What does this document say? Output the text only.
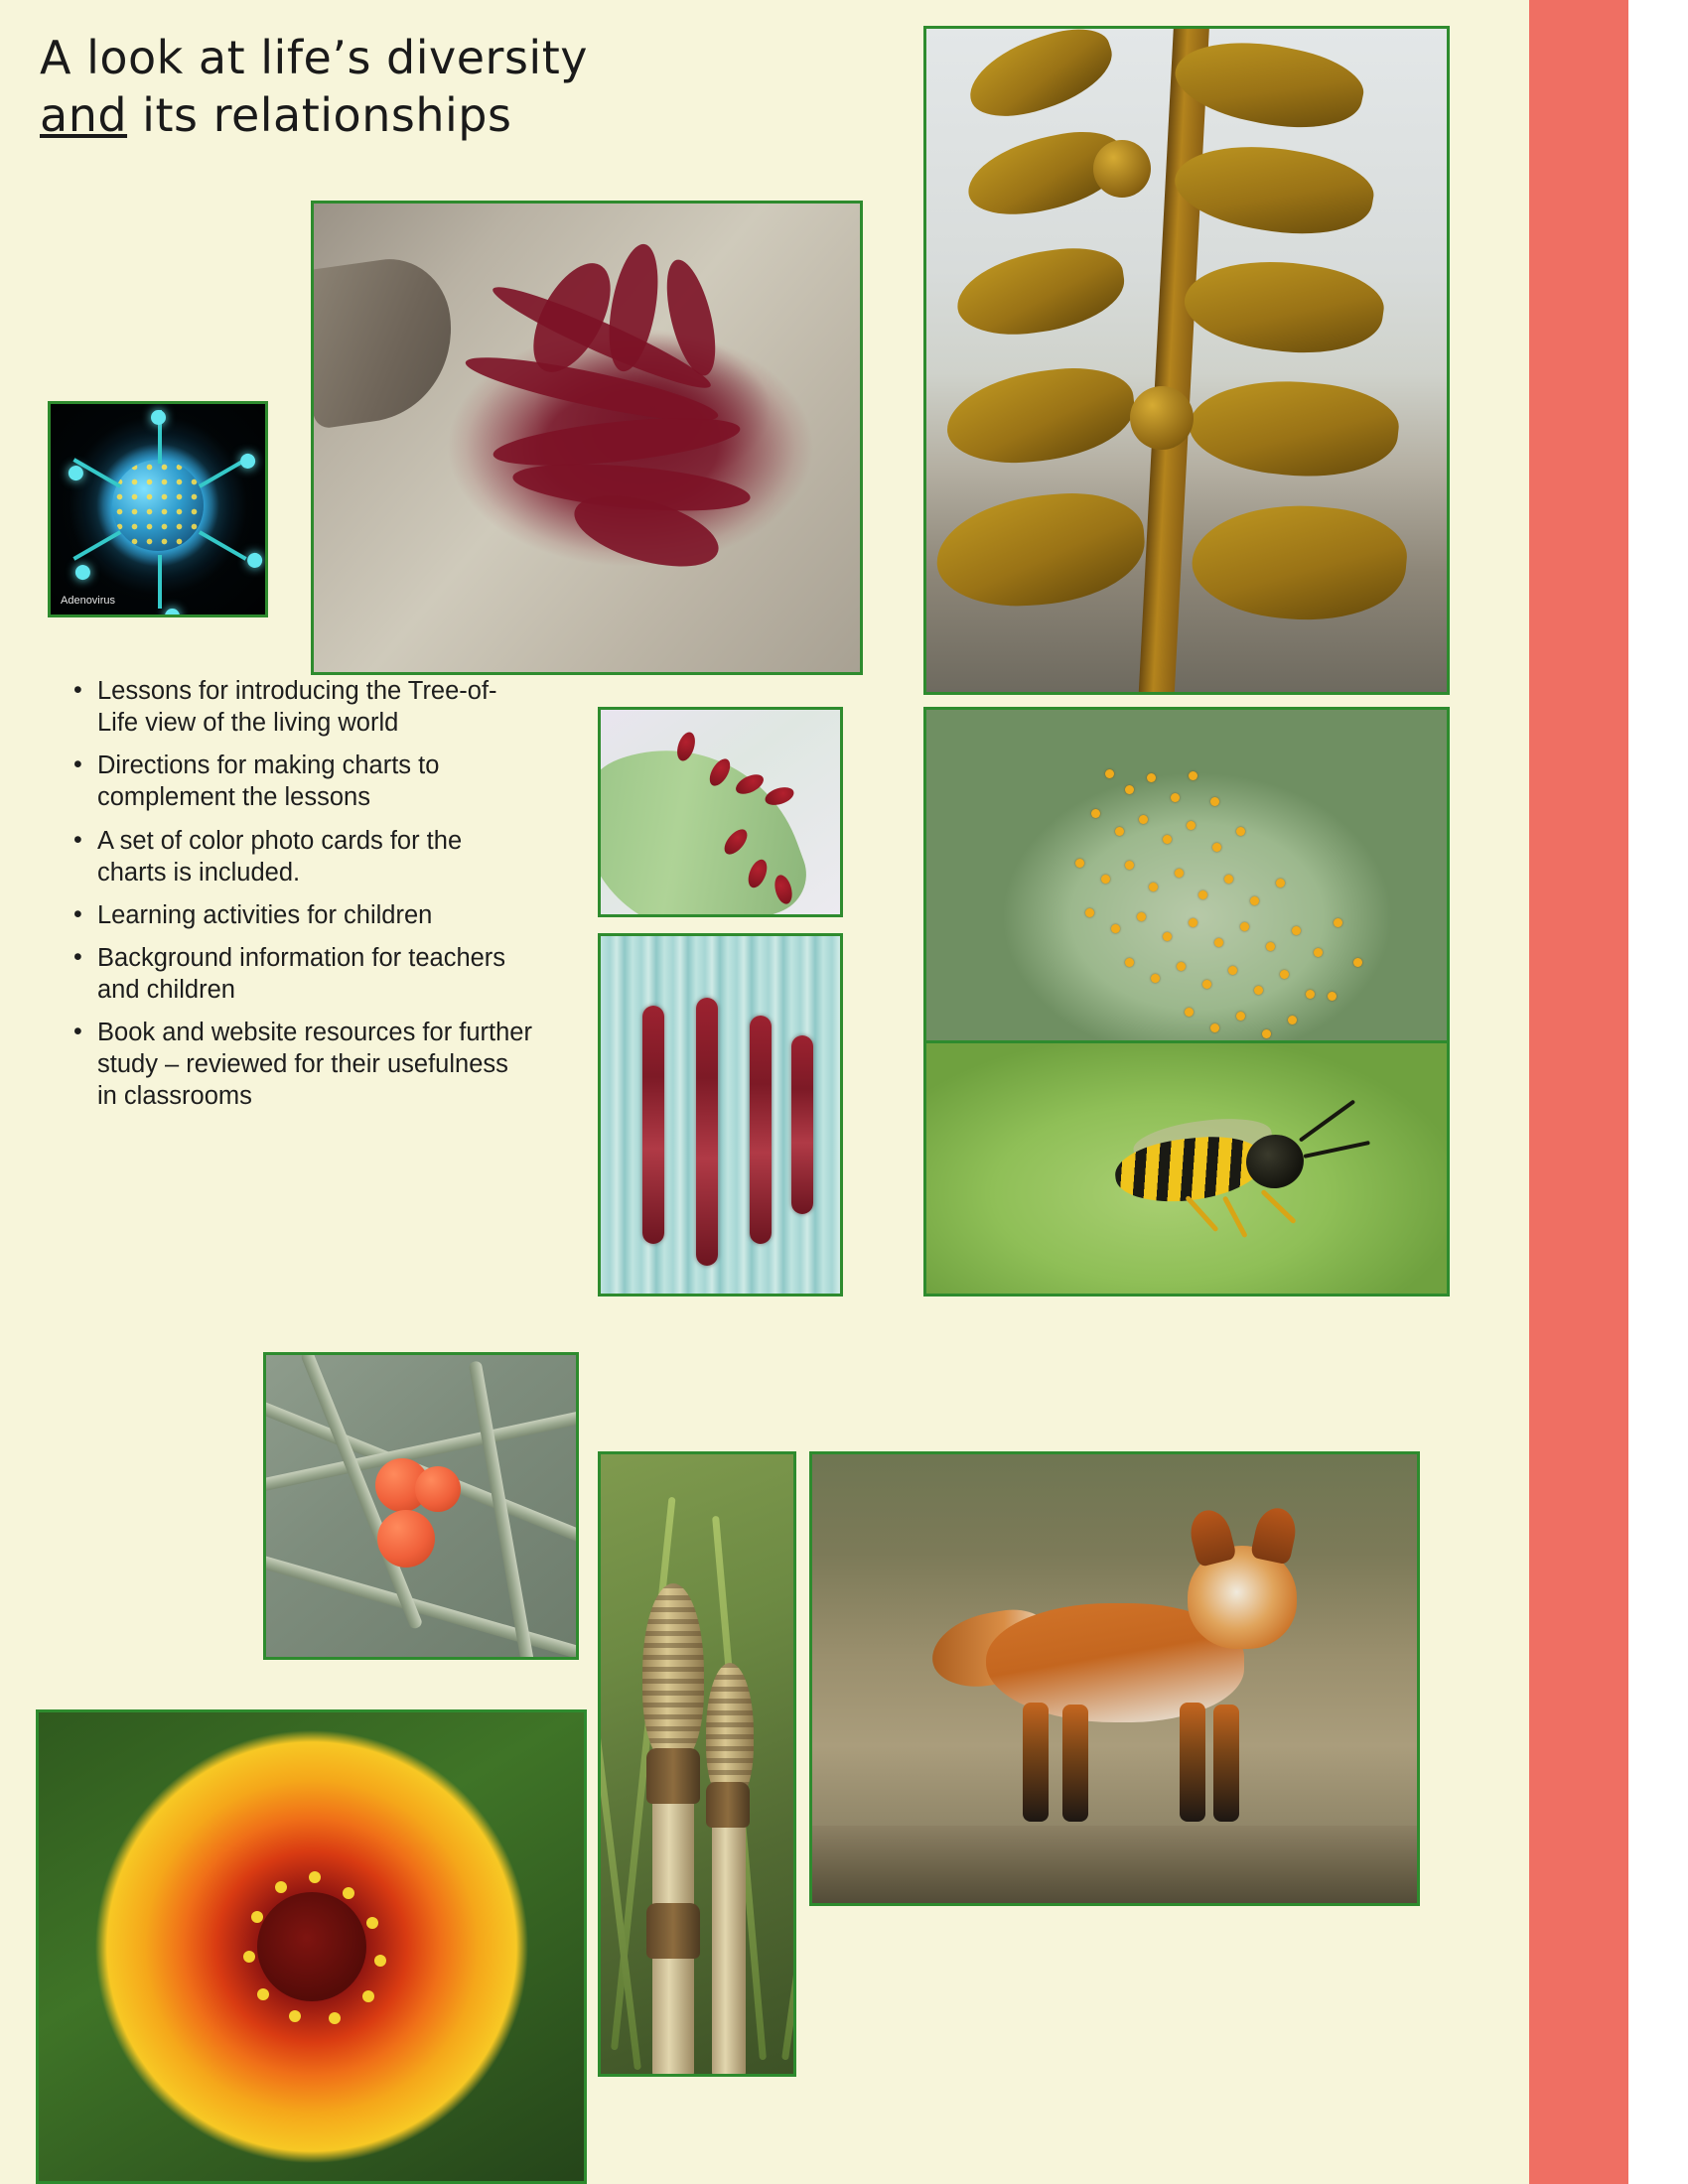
A look at life’s diversity
and its relationships
• Lessons for introducing the Tree-of-Life view of the living world
• Directions for making charts to complement the lessons
• A set of color photo cards for the charts is included.
• Learning activities for children
• Background information for teachers and children
• Book and website resources for further study – reviewed for their usefulness in classrooms
Adenovirus
